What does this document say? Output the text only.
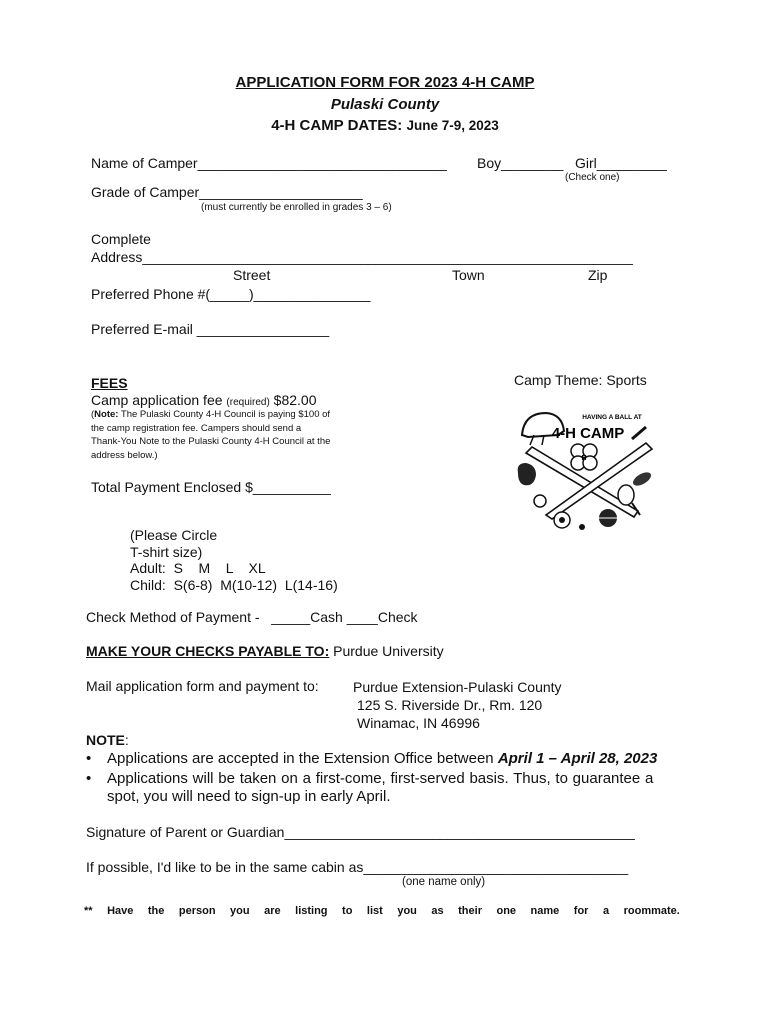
APPLICATION FORM FOR 2023 4-H CAMP
Pulaski County
4-H CAMP DATES: June 7-9, 2023
Name of Camper________________________________ Boy________ Girl_________
(Check one)
Grade of Camper_____________________
(must currently be enrolled in grades 3 – 6)
Complete
Address_______________________________________________________________
Street	Town	Zip
Preferred Phone #(_____)_______________
Preferred E-mail _________________
FEES
Camp application fee (required) $82.00
(Note: The Pulaski County 4-H Council is paying $100 of
the camp registration fee. Campers should send a
Thank-You Note to the Pulaski County 4-H Council at the
address below.)
Total Payment Enclosed $__________
Camp Theme: Sports
HAVING A BALL AT
4-H CAMP
H
(Please Circle
T-shirt size)
Adult:  S    M    L    XL
Child:  S(6-8)  M(10-12)  L(14-16)
Check Method of Payment -   _____Cash ____Check
MAKE YOUR CHECKS PAYABLE TO: Purdue University
Mail application form and payment to: Purdue Extension-Pulaski County
125 S. Riverside Dr., Rm. 120
Winamac, IN 46996
NOTE:
• Applications are accepted in the Extension Office between April 1 – April 28, 2023
• Applications will be taken on a first-come, first-served basis. Thus, to guarantee a
spot, you will need to sign-up in early April.
Signature of Parent or Guardian_____________________________________________
If possible, I'd like to be in the same cabin as__________________________________
(one name only)
** Have the person you are listing to list you as their one name for a roommate.
